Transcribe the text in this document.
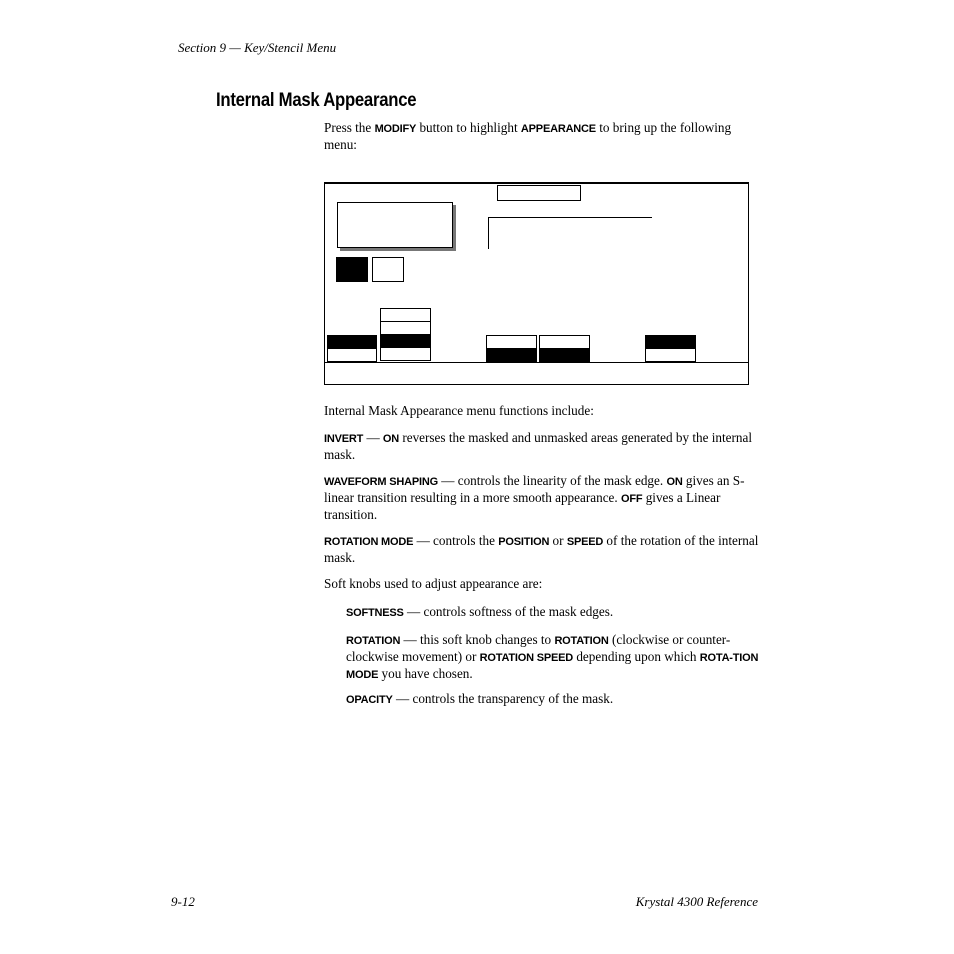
Section 9 — Key/Stencil Menu
Internal Mask Appearance
Press the MODIFY button to highlight APPEARANCE to bring up the following menu:
Internal Mask Appearance menu functions include:
INVERT — ON reverses the masked and unmasked areas generated by the internal mask.
WAVEFORM SHAPING — controls the linearity of the mask edge. ON gives an S-linear transition resulting in a more smooth appearance. OFF gives a Linear transition.
ROTATION MODE — controls the POSITION or SPEED of the rotation of the internal mask.
Soft knobs used to adjust appearance are:
SOFTNESS — controls softness of the mask edges.
ROTATION — this soft knob changes to ROTATION (clockwise or counter-clockwise movement) or ROTATION SPEED depending upon which ROTA-TION MODE you have chosen.
OPACITY — controls the transparency of the mask.
9-12	Krystal 4300 Reference
